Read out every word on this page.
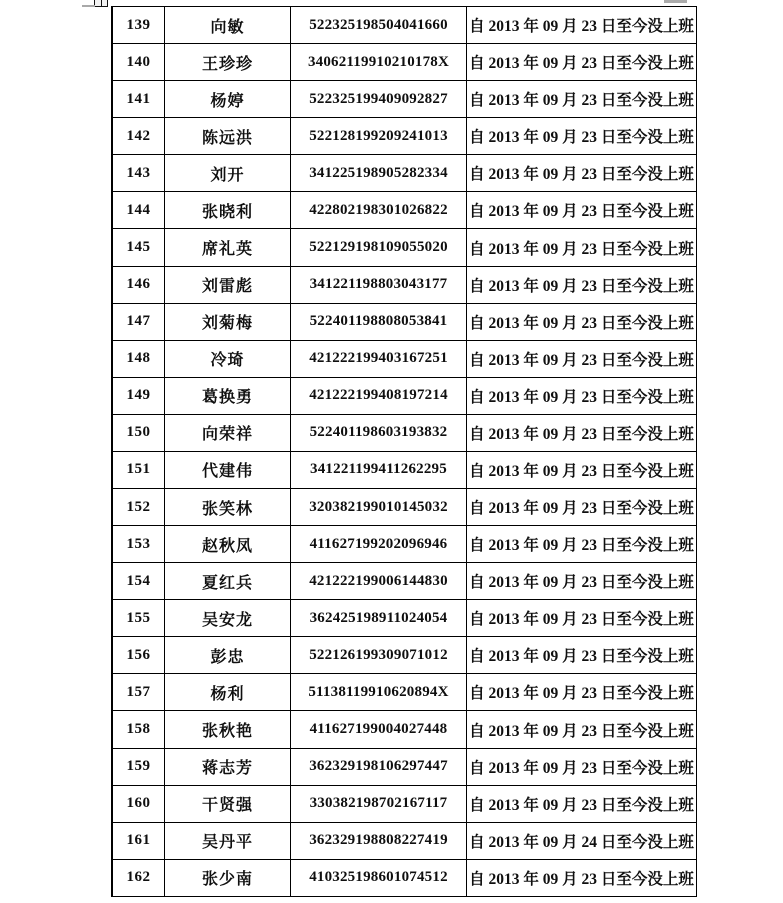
139	向敏	522325198504041660	自 2013 年 09 月 23 日至今没上班
140	王珍珍	34062119910210178X	自 2013 年 09 月 23 日至今没上班
141	杨婷	522325199409092827	自 2013 年 09 月 23 日至今没上班
142	陈远洪	522128199209241013	自 2013 年 09 月 23 日至今没上班
143	刘开	341225198905282334	自 2013 年 09 月 23 日至今没上班
144	张晓利	422802198301026822	自 2013 年 09 月 23 日至今没上班
145	席礼英	522129198109055020	自 2013 年 09 月 23 日至今没上班
146	刘雷彪	341221198803043177	自 2013 年 09 月 23 日至今没上班
147	刘菊梅	522401198808053841	自 2013 年 09 月 23 日至今没上班
148	冷琦	421222199403167251	自 2013 年 09 月 23 日至今没上班
149	葛换勇	421222199408197214	自 2013 年 09 月 23 日至今没上班
150	向荣祥	522401198603193832	自 2013 年 09 月 23 日至今没上班
151	代建伟	341221199411262295	自 2013 年 09 月 23 日至今没上班
152	张笑林	320382199010145032	自 2013 年 09 月 23 日至今没上班
153	赵秋凤	411627199202096946	自 2013 年 09 月 23 日至今没上班
154	夏红兵	421222199006144830	自 2013 年 09 月 23 日至今没上班
155	吴安龙	362425198911024054	自 2013 年 09 月 23 日至今没上班
156	彭忠	522126199309071012	自 2013 年 09 月 23 日至今没上班
157	杨利	51138119910620894X	自 2013 年 09 月 23 日至今没上班
158	张秋艳	411627199004027448	自 2013 年 09 月 23 日至今没上班
159	蒋志芳	362329198106297447	自 2013 年 09 月 23 日至今没上班
160	干贤强	330382198702167117	自 2013 年 09 月 23 日至今没上班
161	吴丹平	362329198808227419	自 2013 年 09 月 24 日至今没上班
162	张少南	410325198601074512	自 2013 年 09 月 23 日至今没上班
